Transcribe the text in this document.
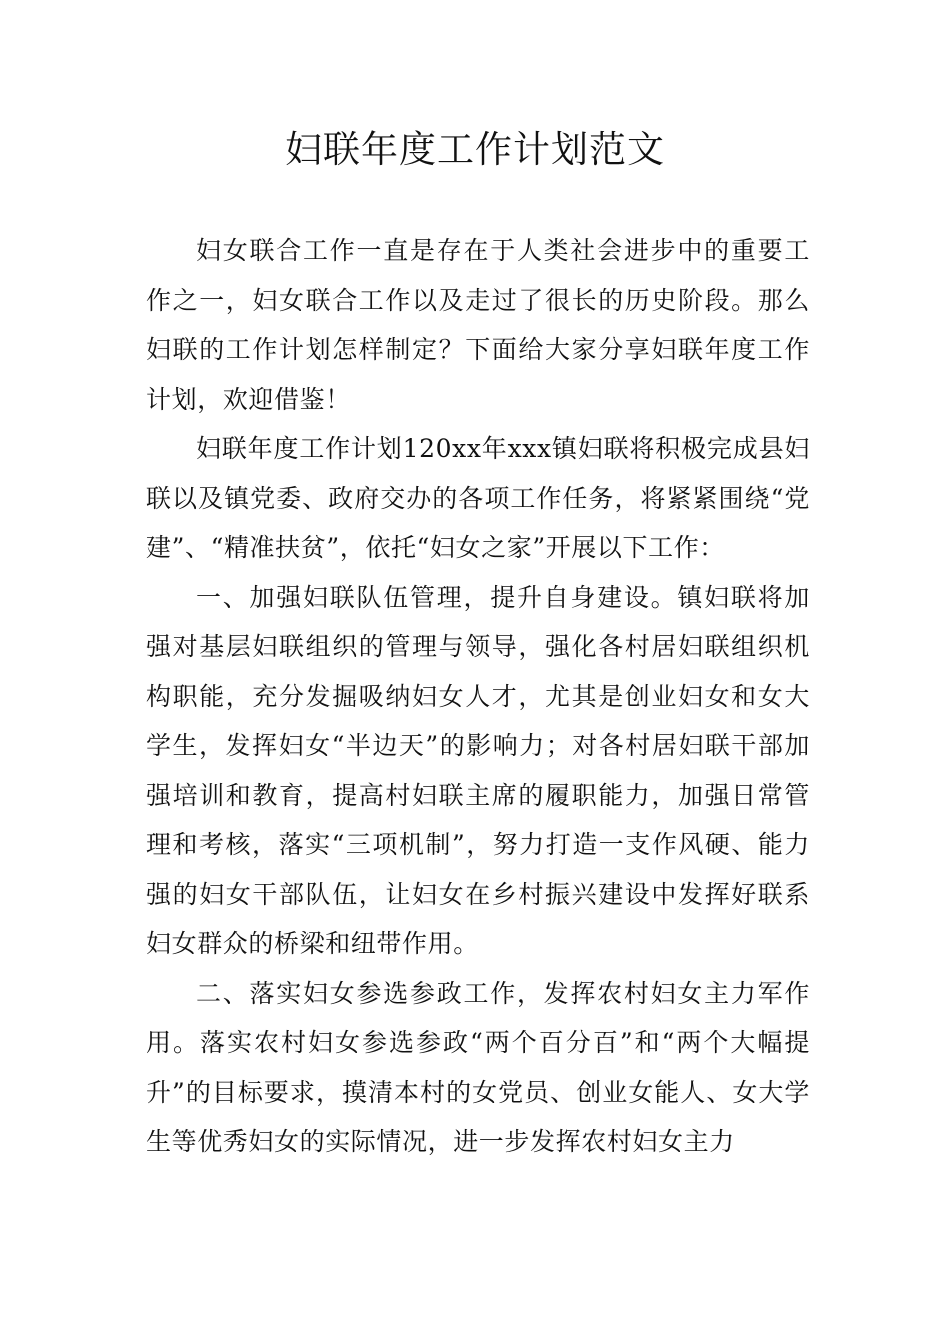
妇联年度工作计划范文

妇女联合工作一直是存在于人类社会进步中的重要工作之一，妇女联合工作以及走过了很长的历史阶段。那么妇联的工作计划怎样制定？下面给大家分享妇联年度工作计划，欢迎借鉴！

妇联年度工作计划120xx年xxx镇妇联将积极完成县妇联以及镇党委、政府交办的各项工作任务，将紧紧围绕“党建”、“精准扶贫”，依托“妇女之家”开展以下工作：

一、加强妇联队伍管理，提升自身建设。镇妇联将加强对基层妇联组织的管理与领导，强化各村居妇联组织机构职能，充分发掘吸纳妇女人才，尤其是创业妇女和女大学生，发挥妇女“半边天”的影响力；对各村居妇联干部加强培训和教育，提高村妇联主席的履职能力，加强日常管理和考核，落实“三项机制”，努力打造一支作风硬、能力强的妇女干部队伍，让妇女在乡村振兴建设中发挥好联系妇女群众的桥梁和纽带作用。

二、落实妇女参选参政工作，发挥农村妇女主力军作用。落实农村妇女参选参政“两个百分百”和“两个大幅提升”的目标要求，摸清本村的女党员、创业女能人、女大学生等优秀妇女的实际情况，进一步发挥农村妇女主力
